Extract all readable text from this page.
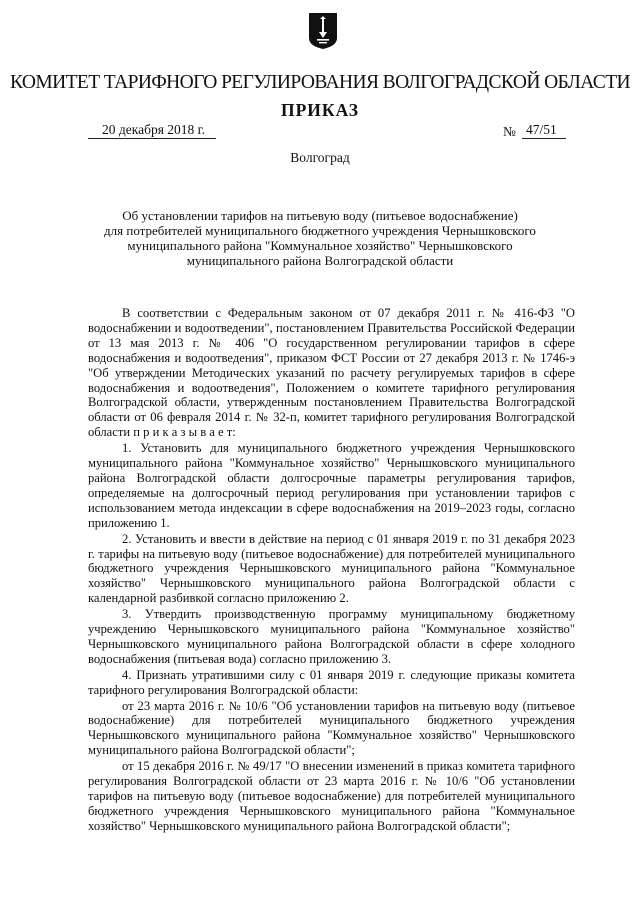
КОМИТЕТ ТАРИФНОГО РЕГУЛИРОВАНИЯ ВОЛГОГРАДСКОЙ ОБЛАСТИ
ПРИКАЗ
20 декабря 2018 г.	№ 47/51
Волгоград
Об установлении тарифов на питьевую воду (питьевое водоснабжение)
для потребителей муниципального бюджетного учреждения Чернышковского
муниципального района "Коммунальное хозяйство" Чернышковского
муниципального района Волгоградской области

В соответствии с Федеральным законом от 07 декабря 2011 г. № 416-ФЗ "О водоснабжении и водоотведении", постановлением Правительства Российской Федерации от 13 мая 2013 г. № 406 "О государственном регулировании тарифов в сфере водоснабжения и водоотведения", приказом ФСТ России от 27 декабря 2013 г. № 1746-э "Об утверждении Методических указаний по расчету регулируемых тарифов в сфере водоснабжения и водоотведения", Положением о комитете тарифного регулирования Волгоградской области, утвержденным постановлением Правительства Волгоградской области от 06 февраля 2014 г. № 32-п, комитет тарифного регулирования Волгоградской области п р и к а з ы в а е т:

1. Установить для муниципального бюджетного учреждения Чернышковского муниципального района "Коммунальное хозяйство" Чернышковского муниципального района Волгоградской области долгосрочные параметры регулирования тарифов, определяемые на долгосрочный период регулирования при установлении тарифов с использованием метода индексации в сфере водоснабжения на 2019–2023 годы, согласно приложению 1.

2. Установить и ввести в действие на период с 01 января 2019 г. по 31 декабря 2023 г. тарифы на питьевую воду (питьевое водоснабжение) для потребителей муниципального бюджетного учреждения Чернышковского муниципального района "Коммунальное хозяйство" Чернышковского муниципального района Волгоградской области с календарной разбивкой согласно приложению 2.

3. Утвердить производственную программу муниципальному бюджетному учреждению Чернышковского муниципального района "Коммунальное хозяйство" Чернышковского муниципального района Волгоградской области в сфере холодного водоснабжения (питьевая вода) согласно приложению 3.

4. Признать утратившими силу с 01 января 2019 г. следующие приказы комитета тарифного регулирования Волгоградской области:

от 23 марта 2016 г. № 10/6 "Об установлении тарифов на питьевую воду (питьевое водоснабжение) для потребителей муниципального бюджетного учреждения Чернышковского муниципального района "Коммунальное хозяйство" Чернышковского муниципального района Волгоградской области";

от 15 декабря 2016 г. № 49/17 "О внесении изменений в приказ комитета тарифного регулирования Волгоградской области от 23 марта 2016 г. № 10/6 "Об установлении тарифов на питьевую воду (питьевое водоснабжение) для потребителей муниципального бюджетного учреждения Чернышковского муниципального района "Коммунальное хозяйство" Чернышковского муниципального района Волгоградской области";
